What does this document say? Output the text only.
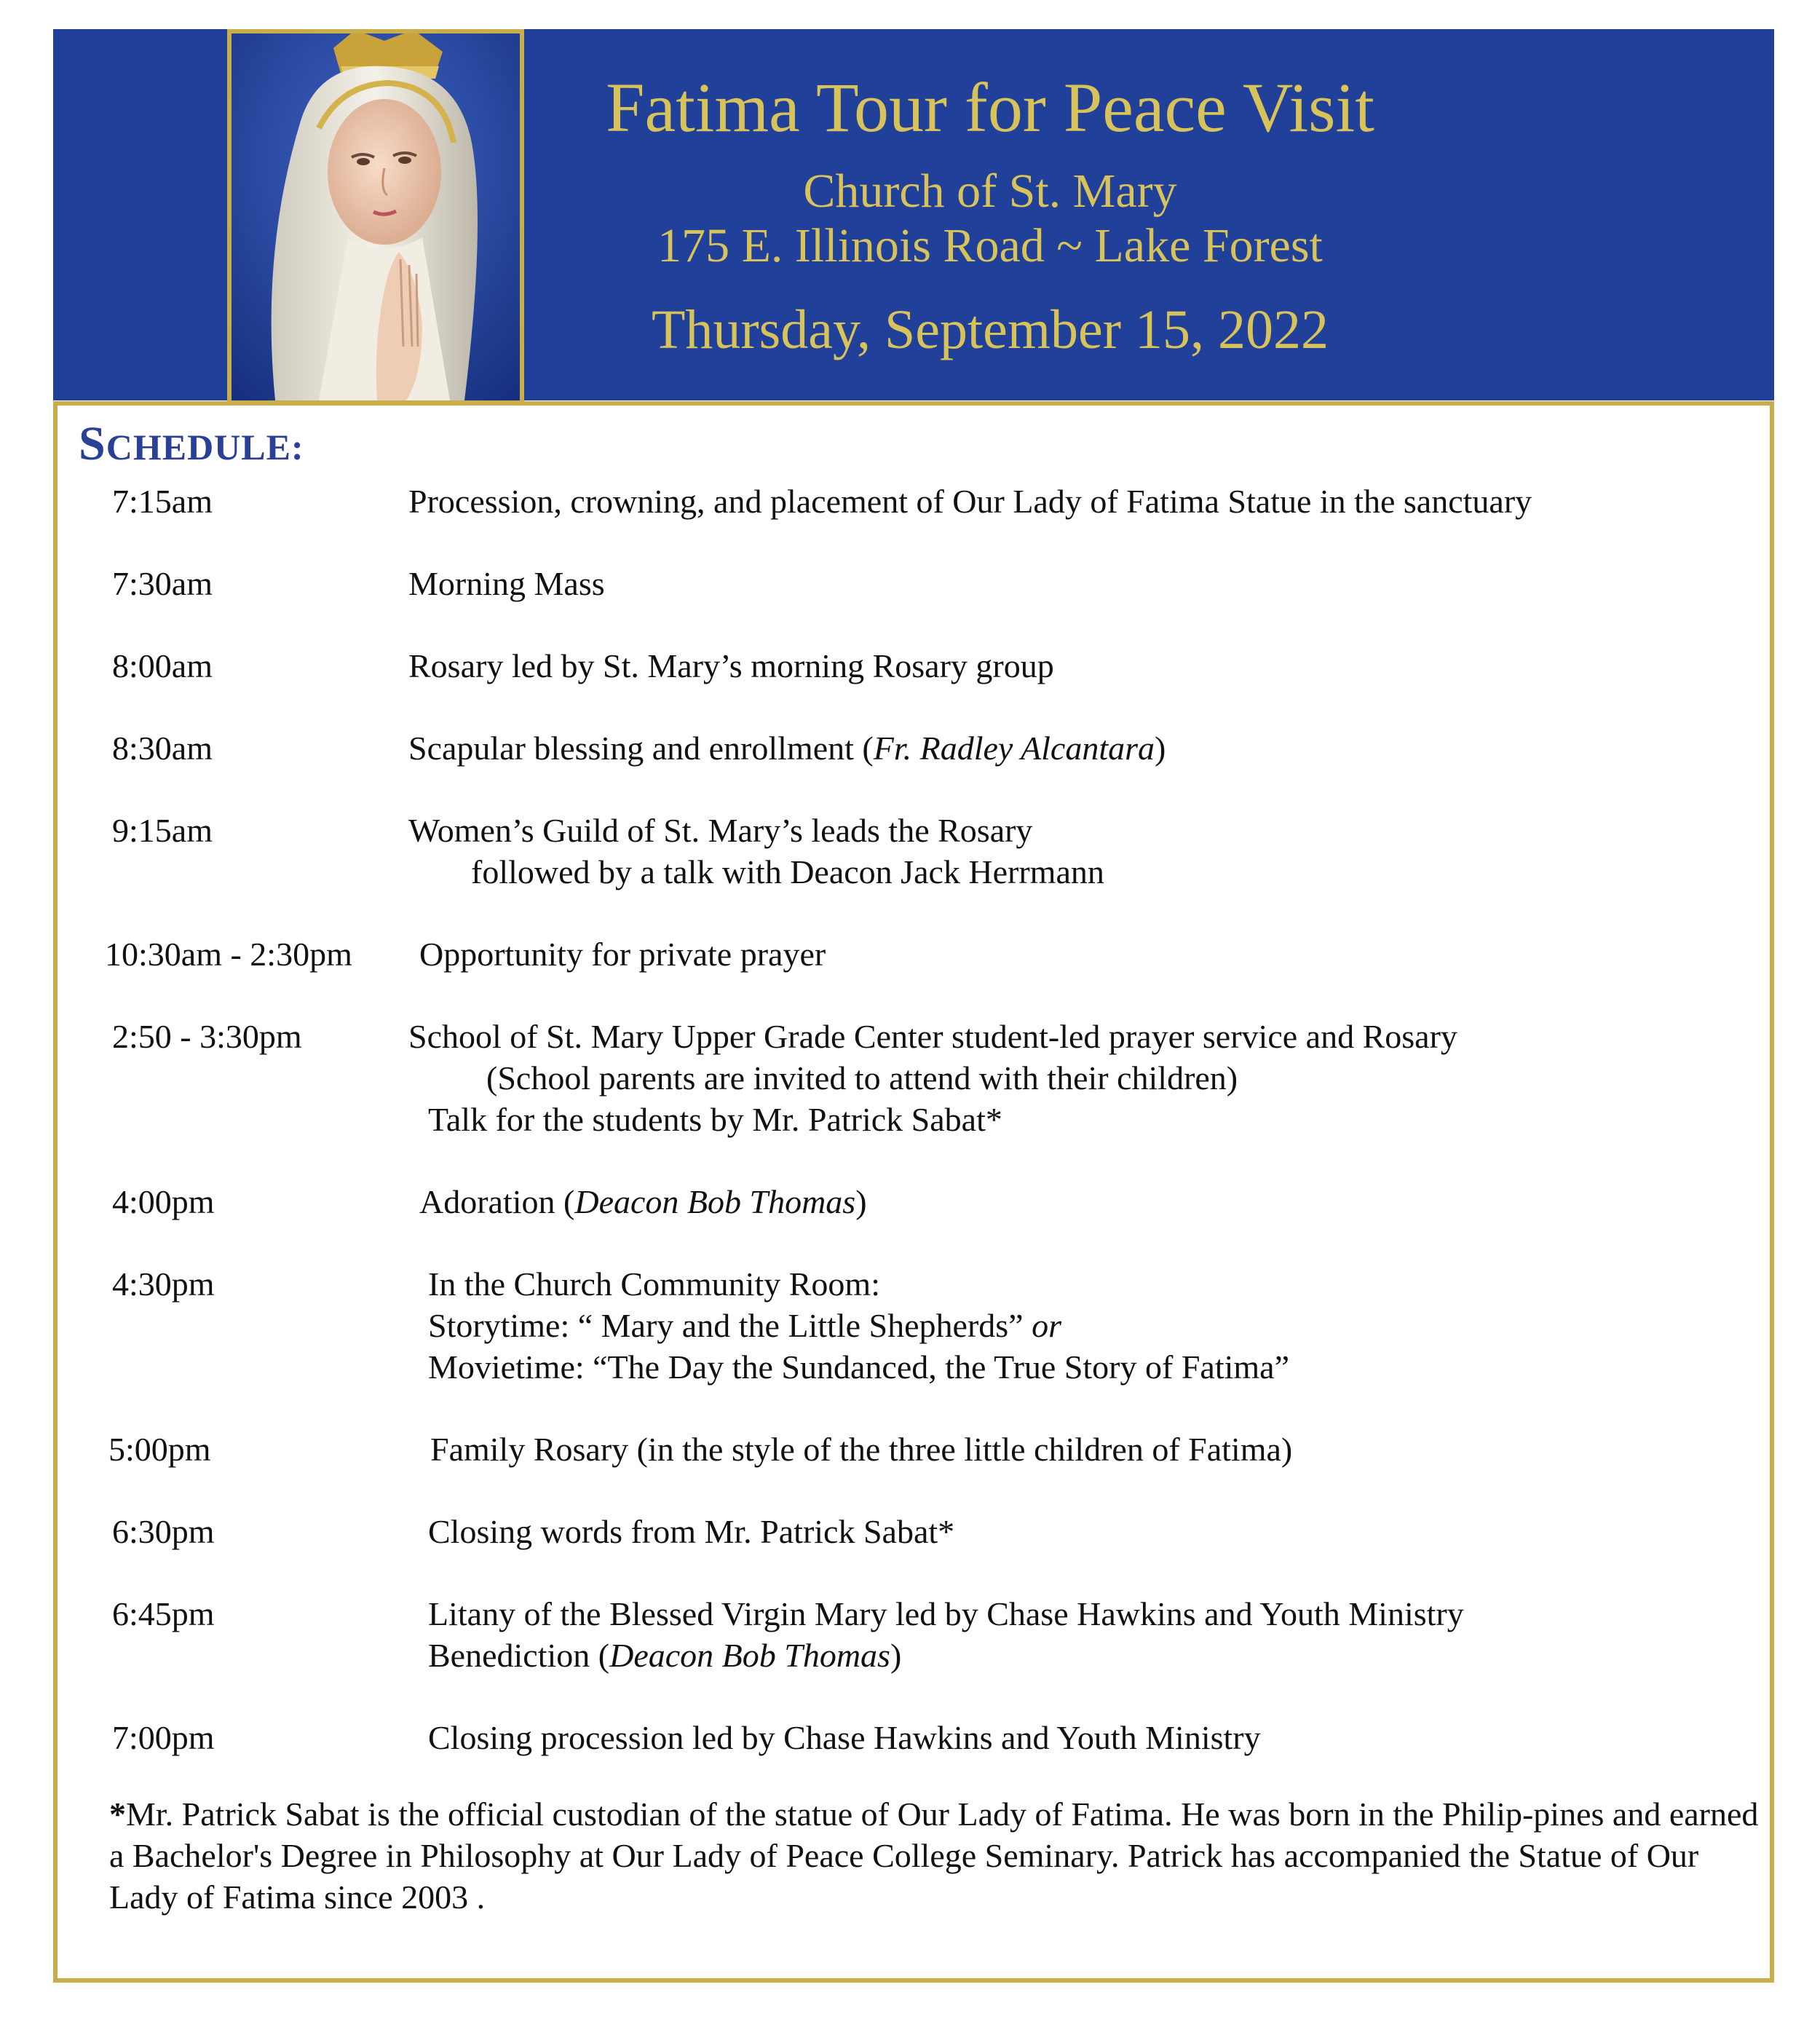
Fatima Tour for Peace Visit
Church of St. Mary
175 E. Illinois Road ~ Lake Forest
Thursday, September 15, 2022
SCHEDULE:
7:15am	Procession, crowning, and placement of Our Lady of Fatima Statue in the sanctuary
7:30am	Morning Mass
8:00am	Rosary led by St. Mary’s morning Rosary group
8:30am	Scapular blessing and enrollment (Fr. Radley Alcantara)
9:15am	Women’s Guild of St. Mary’s leads the Rosary
followed by a talk with Deacon Jack Herrmann
10:30am - 2:30pm Opportunity for private prayer
2:50 - 3:30pm	School of St. Mary Upper Grade Center student-led prayer service and Rosary
(School parents are invited to attend with their children)
Talk for the students by Mr. Patrick Sabat*
4:00pm	Adoration (Deacon Bob Thomas)
4:30pm	In the Church Community Room:
Storytime: “ Mary and the Little Shepherds” or
Movietime: “The Day the Sundanced, the True Story of Fatima”
5:00pm	Family Rosary (in the style of the three little children of Fatima)
6:30pm	Closing words from Mr. Patrick Sabat*
6:45pm	Litany of the Blessed Virgin Mary led by Chase Hawkins and Youth Ministry
Benediction (Deacon Bob Thomas)
7:00pm	Closing procession led by Chase Hawkins and Youth Ministry

*Mr. Patrick Sabat is the official custodian of the statue of Our Lady of Fatima. He was born in the Philip-pines and earned a Bachelor's Degree in Philosophy at Our Lady of Peace College Seminary. Patrick has accompanied the Statue of Our Lady of Fatima since 2003 .
